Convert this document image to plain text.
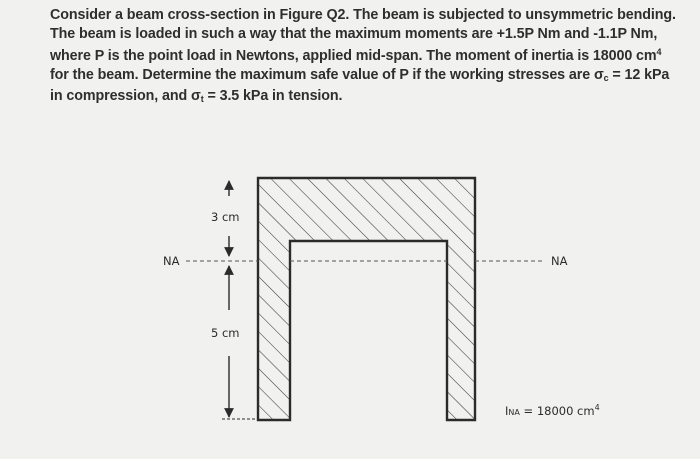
Consider a beam cross-section in Figure Q2. The beam is subjected to unsymmetric bending.
The beam is loaded in such a way that the maximum moments are +1.5P Nm and -1.1P Nm,
where P is the point load in Newtons, applied mid-span. The moment of inertia is 18000 $cm^4$
for the beam. Determine the maximum safe value of P if the working stresses are $\sigma_c = 12$ kPa
in compression, and $\sigma_t = 3.5$ kPa in tension.
NA	NA
3 cm
5 cm
INA = 18000 $cm^4$
